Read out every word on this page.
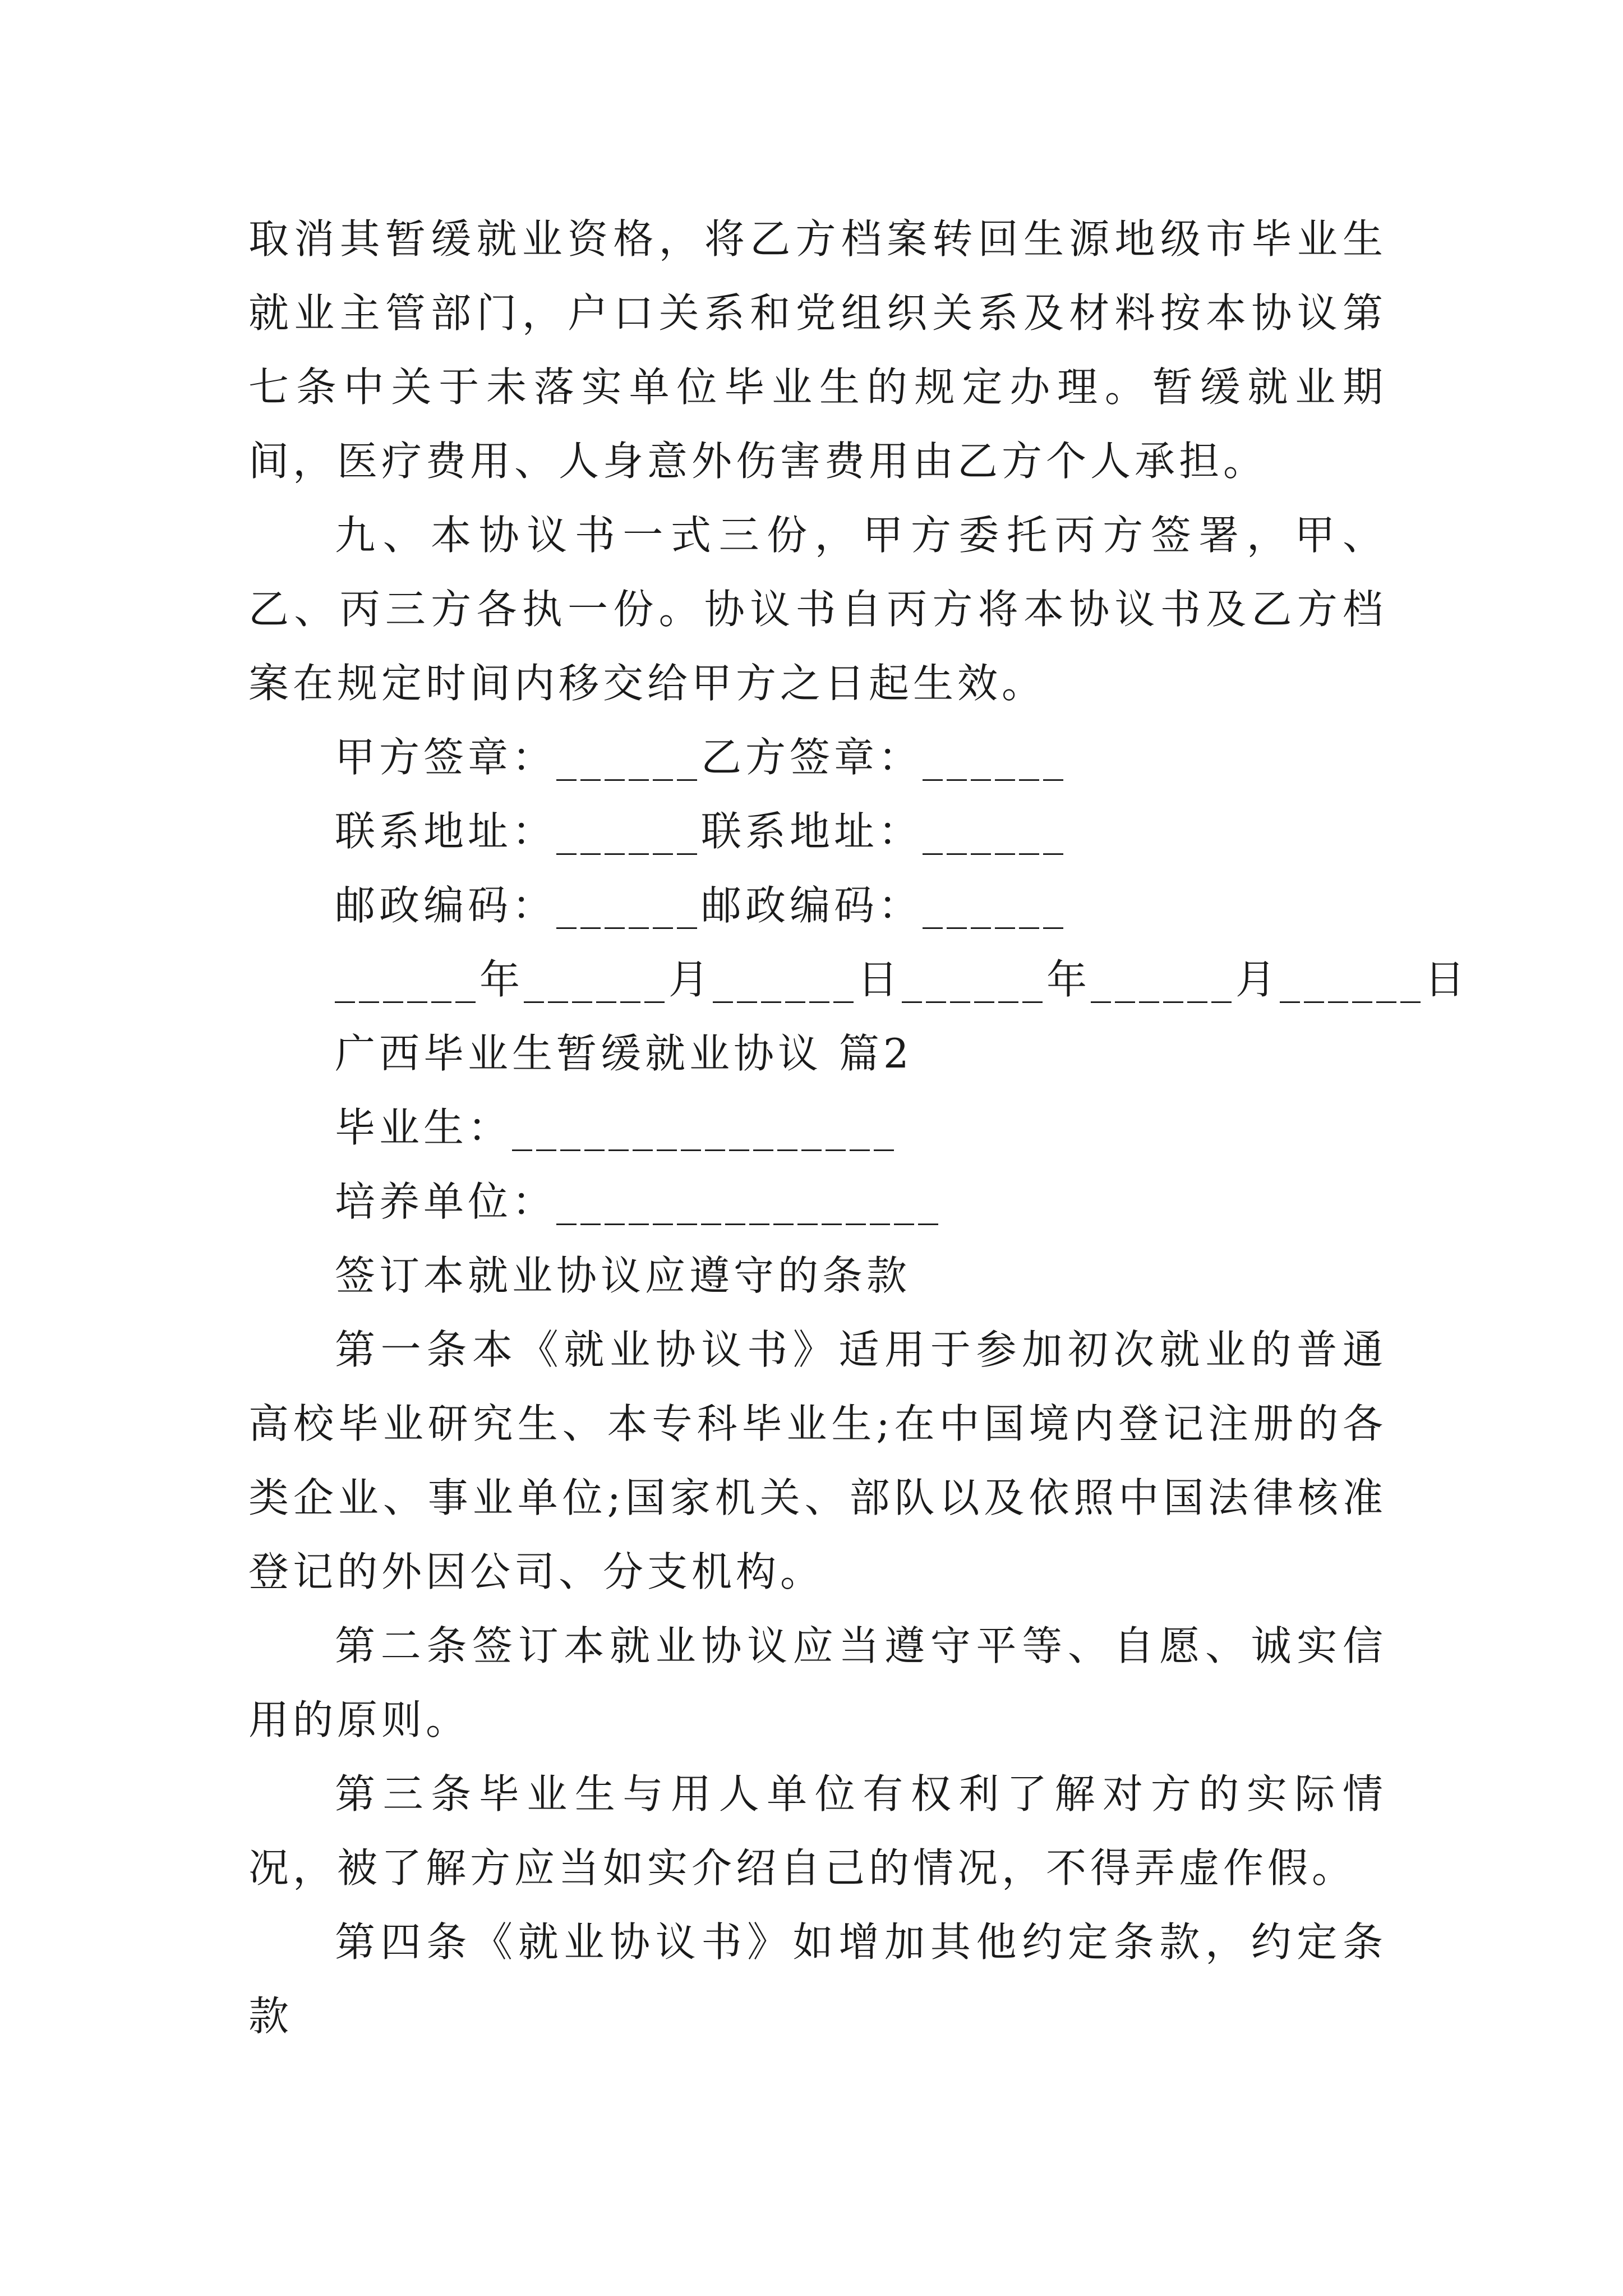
取消其暂缓就业资格，将乙方档案转回生源地级市毕业生就业主管部门，户口关系和党组织关系及材料按本协议第七条中关于未落实单位毕业生的规定办理。暂缓就业期间，医疗费用、人身意外伤害费用由乙方个人承担。

九、本协议书一式三份，甲方委托丙方签署，甲、乙、丙三方各执一份。协议书自丙方将本协议书及乙方档案在规定时间内移交给甲方之日起生效。

甲方签章：______乙方签章：______

联系地址：______联系地址：______

邮政编码：______邮政编码：______

______年______月______日______年______月______日

广西毕业生暂缓就业协议 篇2

毕业生：________________

培养单位：________________

签订本就业协议应遵守的条款

第一条本《就业协议书》适用于参加初次就业的普通高校毕业研究生、本专科毕业生;在中国境内登记注册的各类企业、事业单位;国家机关、部队以及依照中国法律核准登记的外因公司、分支机构。

第二条签订本就业协议应当遵守平等、自愿、诚实信用的原则。

第三条毕业生与用人单位有权利了解对方的实际情况，被了解方应当如实介绍自己的情况，不得弄虚作假。

第四条《就业协议书》如增加其他约定条款，约定条款
